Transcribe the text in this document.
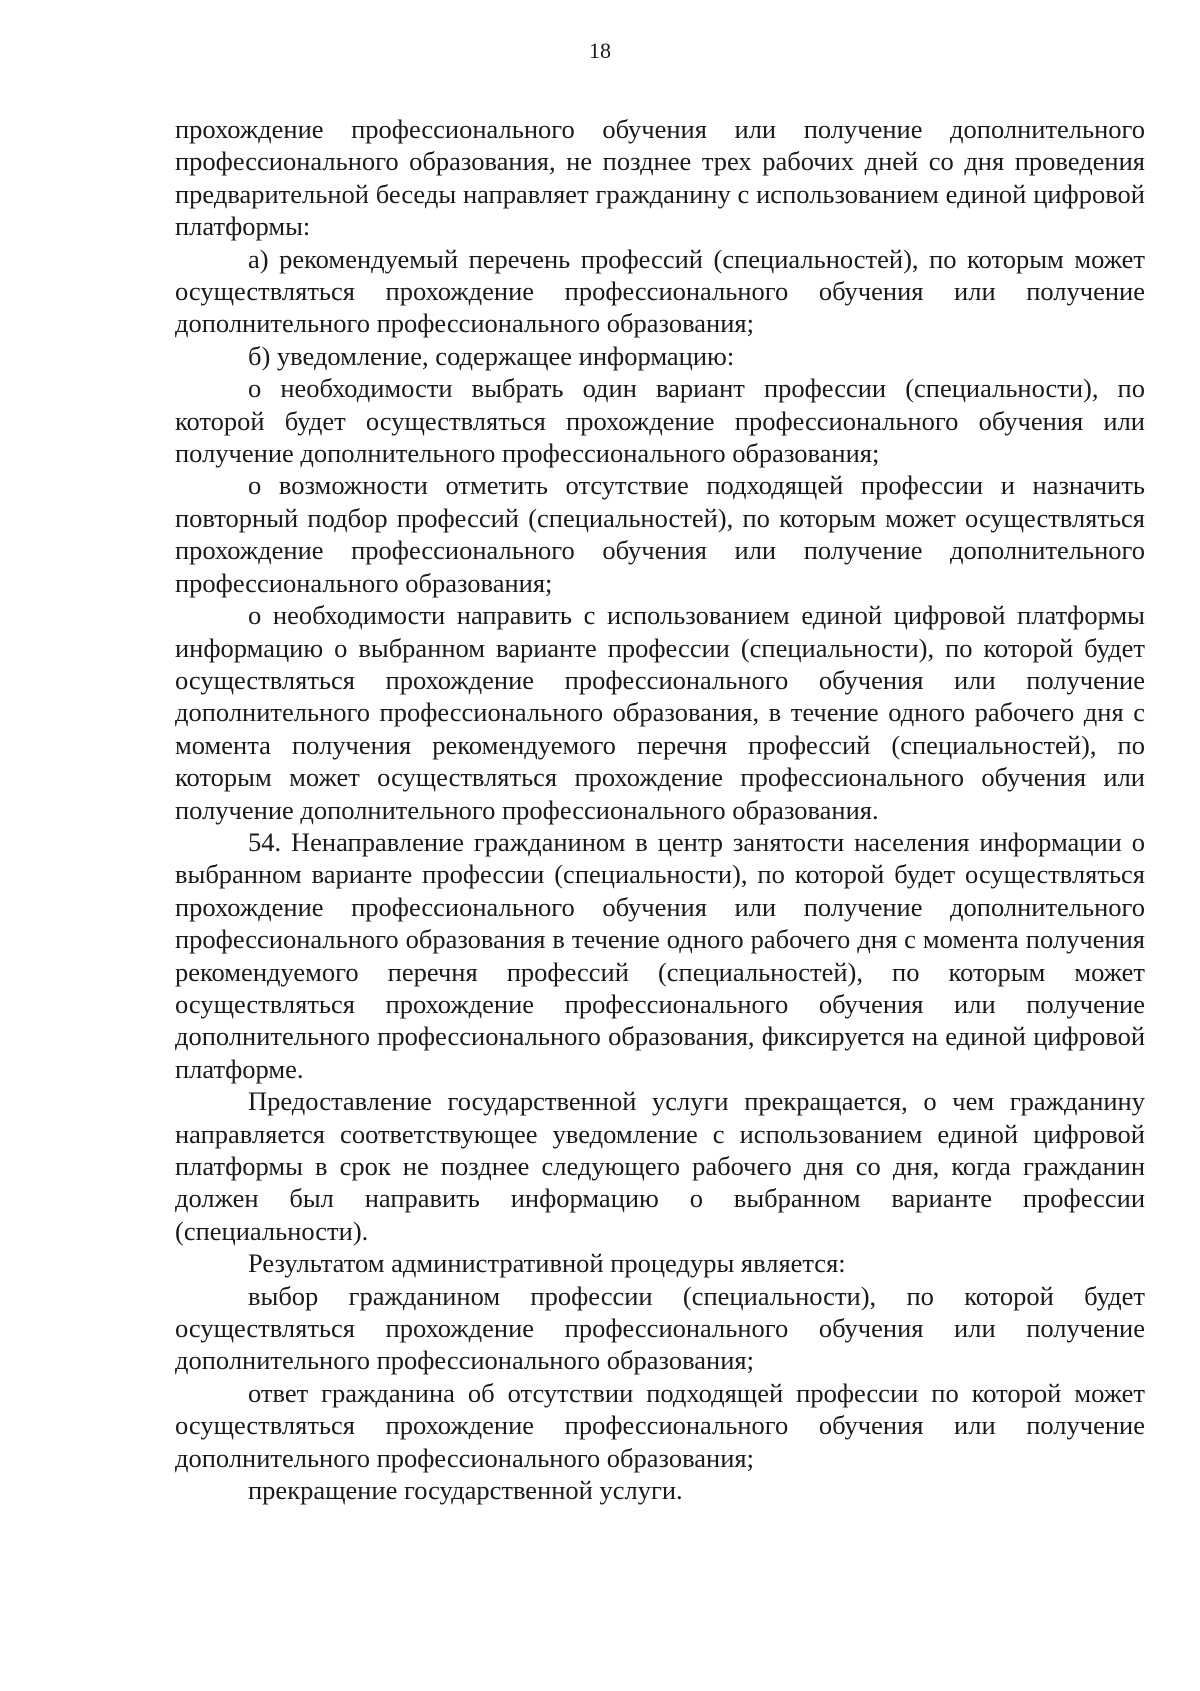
18

прохождение профессионального обучения или получение дополнительного профессионального образования, не позднее трех рабочих дней со дня проведения предварительной беседы направляет гражданину с использованием единой цифровой платформы:

а) рекомендуемый перечень профессий (специальностей), по которым может осуществляться прохождение профессионального обучения или получение дополнительного профессионального образования;

б) уведомление, содержащее информацию:

о необходимости выбрать один вариант профессии (специальности), по которой будет осуществляться прохождение профессионального обучения или получение дополнительного профессионального образования;

о возможности отметить отсутствие подходящей профессии и назначить повторный подбор профессий (специальностей), по которым может осуществляться прохождение профессионального обучения или получение дополнительного профессионального образования;

о необходимости направить с использованием единой цифровой платформы информацию о выбранном варианте профессии (специальности), по которой будет осуществляться прохождение профессионального обучения или получение дополнительного профессионального образования, в течение одного рабочего дня с момента получения рекомендуемого перечня профессий (специальностей), по которым может осуществляться прохождение профессионального обучения или получение дополнительного профессионального образования.

54. Ненаправление гражданином в центр занятости населения информации о выбранном варианте профессии (специальности), по которой будет осуществляться прохождение профессионального обучения или получение дополнительного профессионального образования в течение одного рабочего дня с момента получения рекомендуемого перечня профессий (специальностей), по которым может осуществляться прохождение профессионального обучения или получение дополнительного профессионального образования, фиксируется на единой цифровой платформе.

Предоставление государственной услуги прекращается, о чем гражданину направляется соответствующее уведомление с использованием единой цифровой платформы в срок не позднее следующего рабочего дня со дня, когда гражданин должен был направить информацию о выбранном варианте профессии (специальности).

Результатом административной процедуры является:

выбор гражданином профессии (специальности), по которой будет осуществляться прохождение профессионального обучения или получение дополнительного профессионального образования;

ответ гражданина об отсутствии подходящей профессии по которой может осуществляться прохождение профессионального обучения или получение дополнительного профессионального образования;

прекращение государственной услуги.
